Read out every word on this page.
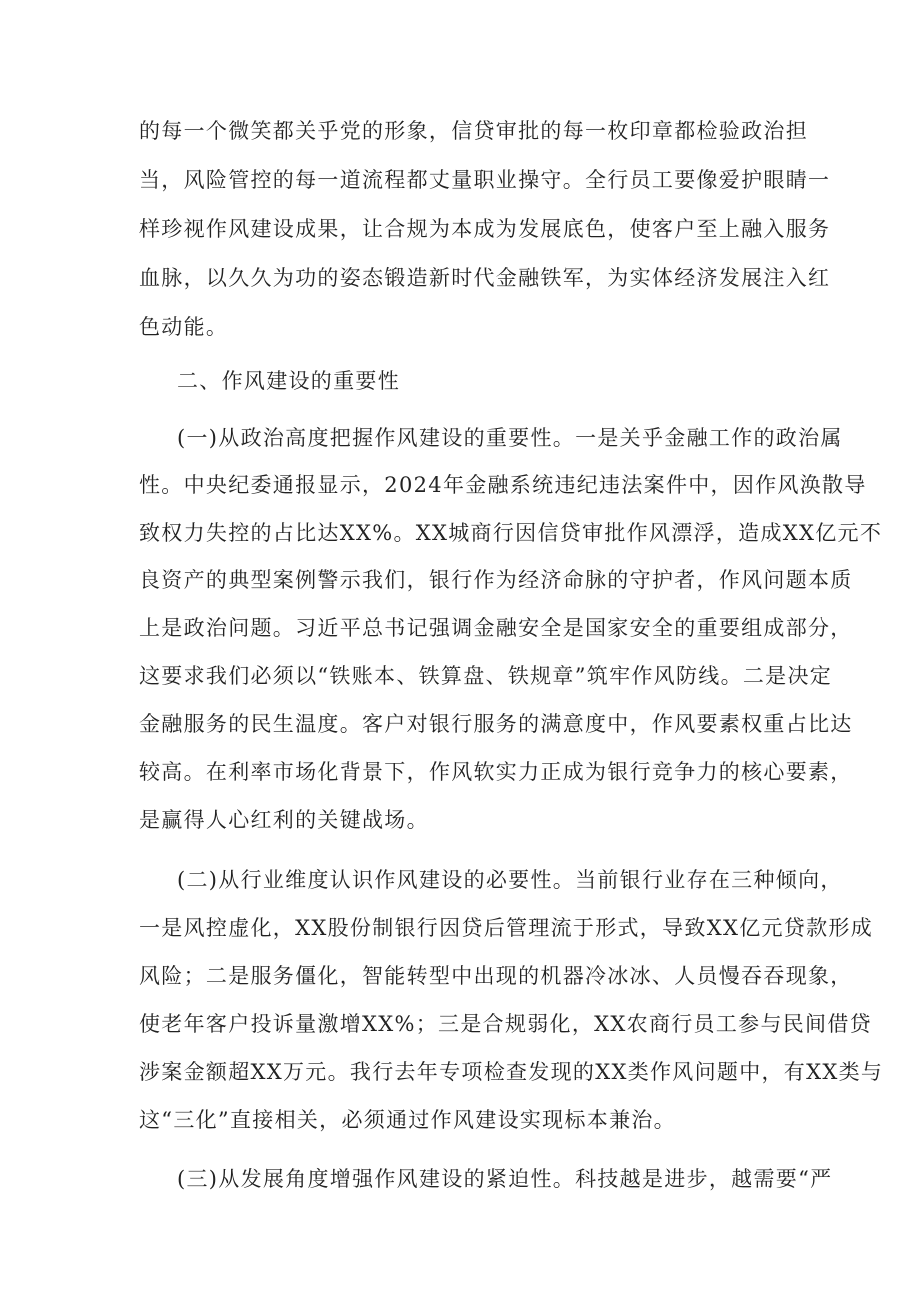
的每一个微笑都关乎党的形象，信贷审批的每一枚印章都检验政治担
当，风险管控的每一道流程都丈量职业操守。全行员工要像爱护眼睛一
样珍视作风建设成果，让合规为本成为发展底色，使客户至上融入服务
血脉，以久久为功的姿态锻造新时代金融铁军，为实体经济发展注入红
色动能。
二、作风建设的重要性
(一)从政治高度把握作风建设的重要性。一是关乎金融工作的政治属
性。中央纪委通报显示，2024年金融系统违纪违法案件中，因作风涣散导
致权力失控的占比达XX%。XX城商行因信贷审批作风漂浮，造成XX亿元不
良资产的典型案例警示我们，银行作为经济命脉的守护者，作风问题本质
上是政治问题。习近平总书记强调金融安全是国家安全的重要组成部分，
这要求我们必须以“铁账本、铁算盘、铁规章”筑牢作风防线。二是决定
金融服务的民生温度。客户对银行服务的满意度中，作风要素权重占比达
较高。在利率市场化背景下，作风软实力正成为银行竞争力的核心要素，
是赢得人心红利的关键战场。
(二)从行业维度认识作风建设的必要性。当前银行业存在三种倾向，
一是风控虚化，XX股份制银行因贷后管理流于形式，导致XX亿元贷款形成
风险；二是服务僵化，智能转型中出现的机器冷冰冰、人员慢吞吞现象，
使老年客户投诉量激增XX%；三是合规弱化，XX农商行员工参与民间借贷
涉案金额超XX万元。我行去年专项检查发现的XX类作风问题中，有XX类与
这“三化”直接相关，必须通过作风建设实现标本兼治。
(三)从发展角度增强作风建设的紧迫性。科技越是进步，越需要“严
